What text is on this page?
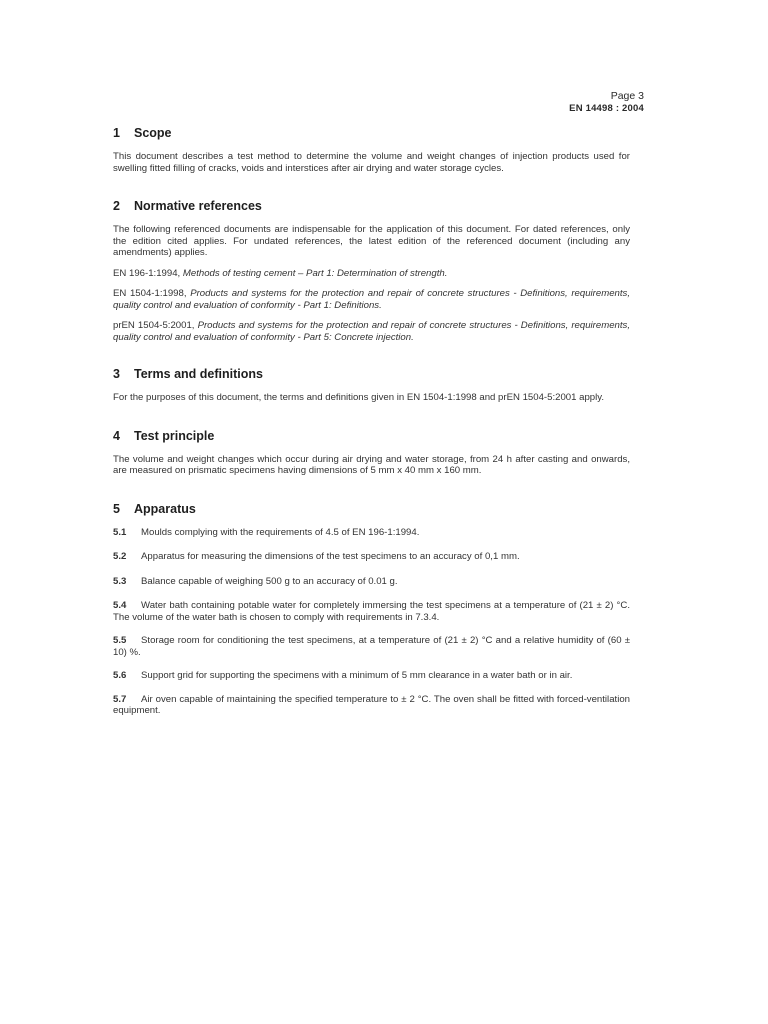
Page 3
EN 14498 : 2004
1 Scope

This document describes a test method to determine the volume and weight changes of injection products used for swelling fitted filling of cracks, voids and interstices after air drying and water storage cycles.

2 Normative references

The following referenced documents are indispensable for the application of this document. For dated references, only the edition cited applies. For undated references, the latest edition of the referenced document (including any amendments) applies.

EN 196-1:1994, Methods of testing cement – Part 1: Determination of strength.

EN 1504-1:1998, Products and systems for the protection and repair of concrete structures - Definitions, requirements, quality control and evaluation of conformity - Part 1: Definitions.

prEN 1504-5:2001, Products and systems for the protection and repair of concrete structures - Definitions, requirements, quality control and evaluation of conformity - Part 5: Concrete injection.

3 Terms and definitions

For the purposes of this document, the terms and definitions given in EN 1504-1:1998 and prEN 1504-5:2001 apply.

4 Test principle

The volume and weight changes which occur during air drying and water storage, from 24 h after casting and onwards, are measured on prismatic specimens having dimensions of 5 mm x 40 mm x 160 mm.

5 Apparatus

5.1 Moulds complying with the requirements of 4.5 of EN 196-1:1994.

5.2 Apparatus for measuring the dimensions of the test specimens to an accuracy of 0,1 mm.

5.3 Balance capable of weighing 500 g to an accuracy of 0.01 g.

5.4 Water bath containing potable water for completely immersing the test specimens at a temperature of (21 ± 2) °C. The volume of the water bath is chosen to comply with requirements in 7.3.4.

5.5 Storage room for conditioning the test specimens, at a temperature of (21 ± 2) °C and a relative humidity of (60 ± 10) %.

5.6 Support grid for supporting the specimens with a minimum of 5 mm clearance in a water bath or in air.

5.7 Air oven capable of maintaining the specified temperature to ± 2 °C. The oven shall be fitted with forced-ventilation equipment.
